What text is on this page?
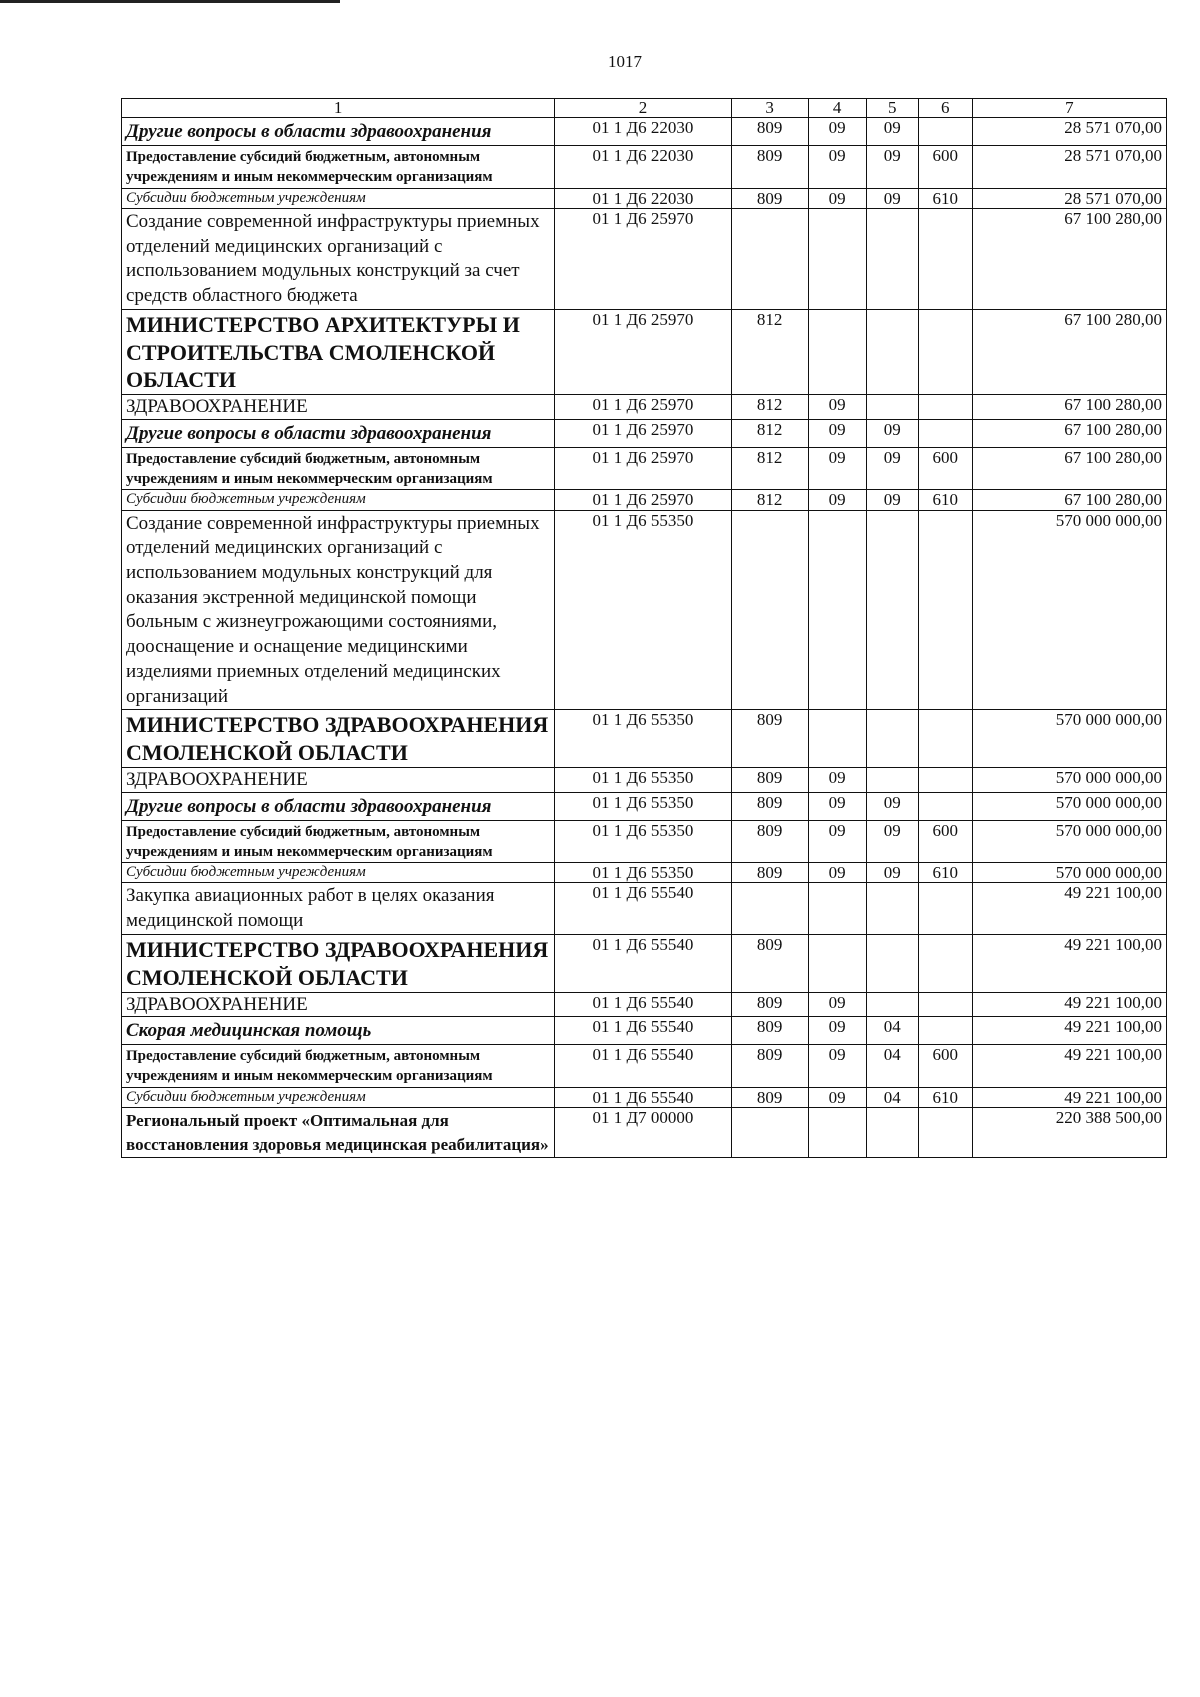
1017
1	2	3	4	5	6	7
Другие вопросы в области здравоохранения	01 1 Д6 22030	809	09	09		28 571 070,00
Предоставление субсидий бюджетным, автономным учреждениям и иным некоммерческим организациям	01 1 Д6 22030	809	09	09	600	28 571 070,00
Субсидии бюджетным учреждениям	01 1 Д6 22030	809	09	09	610	28 571 070,00
Создание современной инфраструктуры приемных отделений медицинских организаций с использованием модульных конструкций за счет средств областного бюджета	01 1 Д6 25970					67 100 280,00
МИНИСТЕРСТВО АРХИТЕКТУРЫ И СТРОИТЕЛЬСТВА СМОЛЕНСКОЙ ОБЛАСТИ	01 1 Д6 25970	812				67 100 280,00
ЗДРАВООХРАНЕНИЕ	01 1 Д6 25970	812	09			67 100 280,00
Другие вопросы в области здравоохранения	01 1 Д6 25970	812	09	09		67 100 280,00
Предоставление субсидий бюджетным, автономным учреждениям и иным некоммерческим организациям	01 1 Д6 25970	812	09	09	600	67 100 280,00
Субсидии бюджетным учреждениям	01 1 Д6 25970	812	09	09	610	67 100 280,00
Создание современной инфраструктуры приемных отделений медицинских организаций с использованием модульных конструкций для оказания экстренной медицинской помощи больным с жизнеугрожающими состояниями, дооснащение и оснащение медицинскими изделиями приемных отделений медицинских организаций	01 1 Д6 55350					570 000 000,00
МИНИСТЕРСТВО ЗДРАВООХРАНЕНИЯ СМОЛЕНСКОЙ ОБЛАСТИ	01 1 Д6 55350	809				570 000 000,00
ЗДРАВООХРАНЕНИЕ	01 1 Д6 55350	809	09			570 000 000,00
Другие вопросы в области здравоохранения	01 1 Д6 55350	809	09	09		570 000 000,00
Предоставление субсидий бюджетным, автономным учреждениям и иным некоммерческим организациям	01 1 Д6 55350	809	09	09	600	570 000 000,00
Субсидии бюджетным учреждениям	01 1 Д6 55350	809	09	09	610	570 000 000,00
Закупка авиационных работ в целях оказания медицинской помощи	01 1 Д6 55540					49 221 100,00
МИНИСТЕРСТВО ЗДРАВООХРАНЕНИЯ СМОЛЕНСКОЙ ОБЛАСТИ	01 1 Д6 55540	809				49 221 100,00
ЗДРАВООХРАНЕНИЕ	01 1 Д6 55540	809	09			49 221 100,00
Скорая медицинская помощь	01 1 Д6 55540	809	09	04		49 221 100,00
Предоставление субсидий бюджетным, автономным учреждениям и иным некоммерческим организациям	01 1 Д6 55540	809	09	04	600	49 221 100,00
Субсидии бюджетным учреждениям	01 1 Д6 55540	809	09	04	610	49 221 100,00
Региональный проект «Оптимальная для восстановления здоровья медицинская реабилитация»	01 1 Д7 00000					220 388 500,00
